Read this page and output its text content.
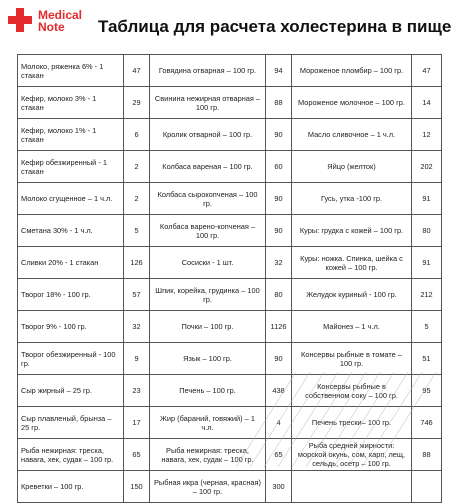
Medical
Note	Таблица для расчета холестерина в пище
Молоко, ряженка 6% - 1 стакан	47	Говядина отварная – 100 гр.	94	Мороженое пломбир – 100 гр.	47
Кефир, молоко 3% - 1 стакан	29	Свинина нежирная отварная – 100 гр.	88	Мороженое молочное – 100 гр.	14
Кефир, молоко 1% - 1 стакан	6	Кролик отварной – 100 гр.	90	Масло сливочное – 1 ч.л.	12
Кефир обезжиренный - 1 стакан	2	Колбаса вареная – 100 гр.	60	Яйцо (желток)	202
Молоко сгущенное – 1 ч.л.	2	Колбаса сырокопченая – 100 гр.	90	Гусь, утка -100 гр.	91
Сметана 30% - 1 ч.л.	5	Колбаса варено-копченая – 100 гр.	90	Куры: грудка с кожей – 100 гр.	80
Сливки 20% - 1 стакан	126	Сосиски - 1 шт.	32	Куры: ножка. Спинка, шейка с кожей – 100 гр.	91
Творог 18% - 100 гр.	57	Шпик, корейка, грудинка – 100 гр.	80	Желудок куриный - 100 гр.	212
Творог 9% - 100 гр.	32	Почки – 100 гр.	1126	Майонез – 1 ч.л.	5
Творог обезжиренный - 100 гр.	9	Язык – 100 гр.	90	Консервы рыбные в томате – 100 гр.	51
Сыр жирный – 25 гр.	23	Печень – 100 гр.	438	Консервы рыбные в собственном соку – 100 гр.	95
Сыр плавленый, брынза – 25 гр.	17	Жир (бараний, говяжий) – 1 ч.л.	4	Печень трески– 100 гр.	746
Рыба нежирная: треска, навага, хек, судак – 100 гр.	65	Рыба нежирная: треска, навага, хек, судак – 100 гр.	65	Рыба средней жирности: морской окунь, сом, карп, лещ, сельдь, осетр – 100 гр.	88
Креветки – 100 гр.	150	Рыбная икра (черная, красная) – 100 гр.	300		
